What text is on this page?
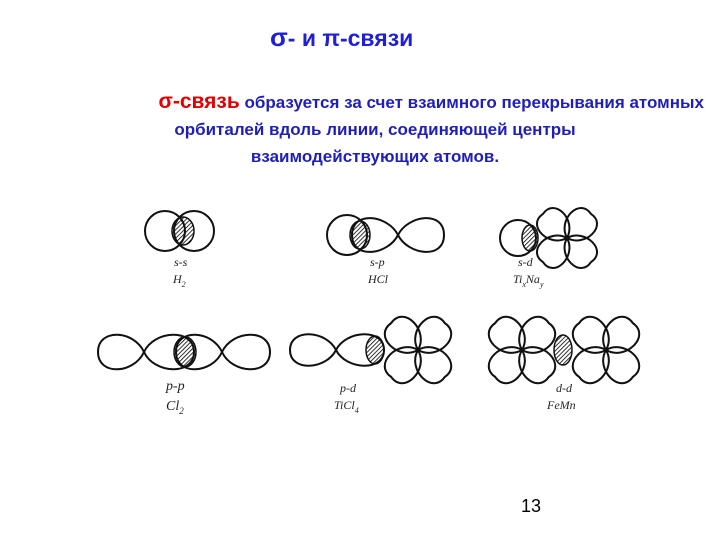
σ- и π-связи
σ-связь образуется за счет взаимного перекрывания атомных
орбиталей вдоль линии, соединяющей центры
взаимодействующих атомов.
s-s
$H_2$
s-p
HCl
s-d
$Ti_xNa_y$
p-p
$Cl_2$
p-d
TiCl$_4$
d-d
FeMn
13
